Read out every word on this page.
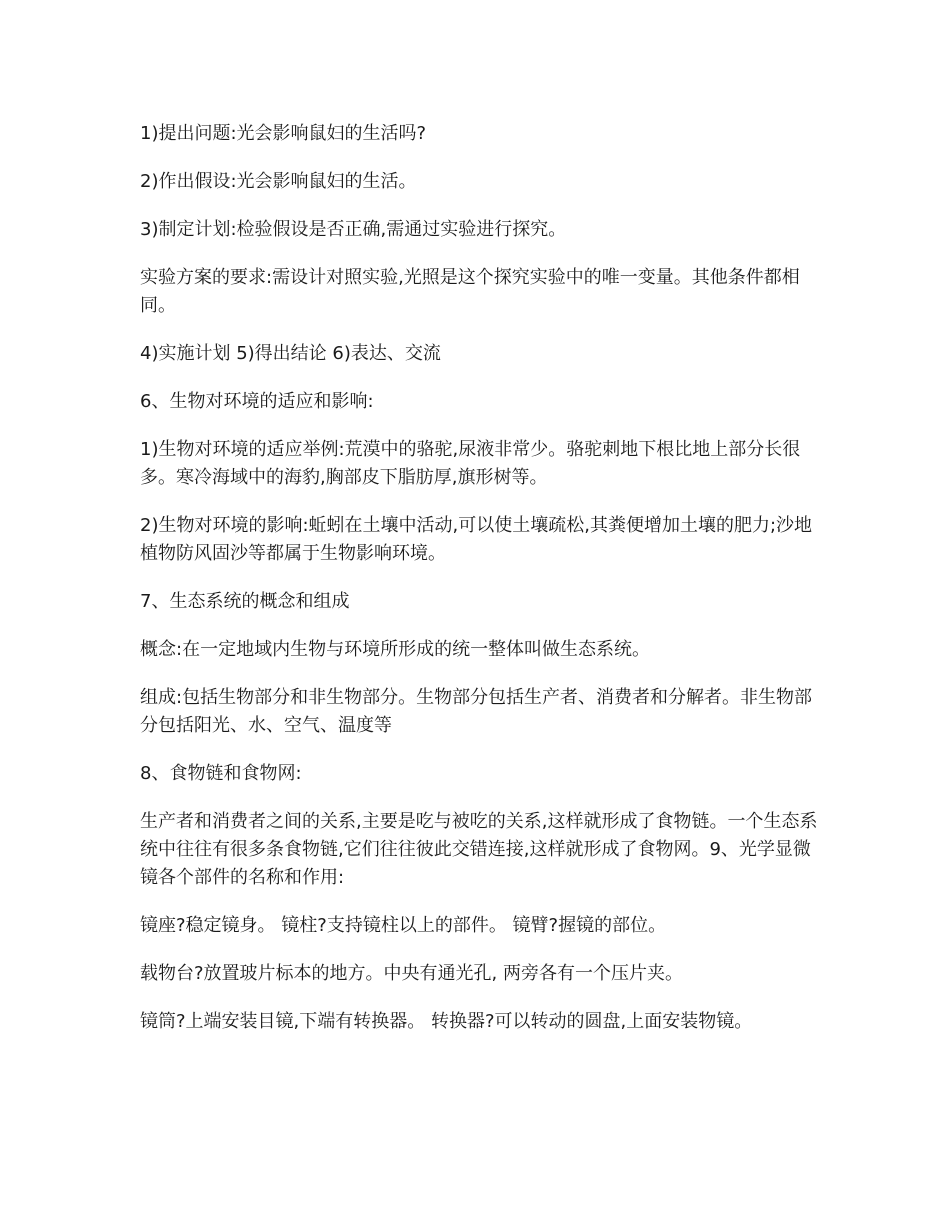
1)提出问题:光会影响鼠妇的生活吗?

2)作出假设:光会影响鼠妇的生活。

3)制定计划:检验假设是否正确,需通过实验进行探究。

实验方案的要求:需设计对照实验,光照是这个探究实验中的唯一变量。其他条件都相同。

4)实施计划 5)得出结论 6)表达、交流

6、生物对环境的适应和影响:

1)生物对环境的适应举例:荒漠中的骆驼,尿液非常少。骆驼刺地下根比地上部分长很多。寒冷海域中的海豹,胸部皮下脂肪厚,旗形树等。

2)生物对环境的影响:蚯蚓在土壤中活动,可以使土壤疏松,其粪便增加土壤的肥力;沙地植物防风固沙等都属于生物影响环境。

7、生态系统的概念和组成

概念:在一定地域内生物与环境所形成的统一整体叫做生态系统。

组成:包括生物部分和非生物部分。生物部分包括生产者、消费者和分解者。非生物部分包括阳光、水、空气、温度等

8、食物链和食物网:

生产者和消费者之间的关系,主要是吃与被吃的关系,这样就形成了食物链。一个生态系统中往往有很多条食物链,它们往往彼此交错连接,这样就形成了食物网。9、光学显微镜各个部件的名称和作用:

镜座?稳定镜身。 镜柱?支持镜柱以上的部件。 镜臂?握镜的部位。

载物台?放置玻片标本的地方。中央有通光孔, 两旁各有一个压片夹。

镜筒?上端安装目镜,下端有转换器。 转换器?可以转动的圆盘,上面安装物镜。
